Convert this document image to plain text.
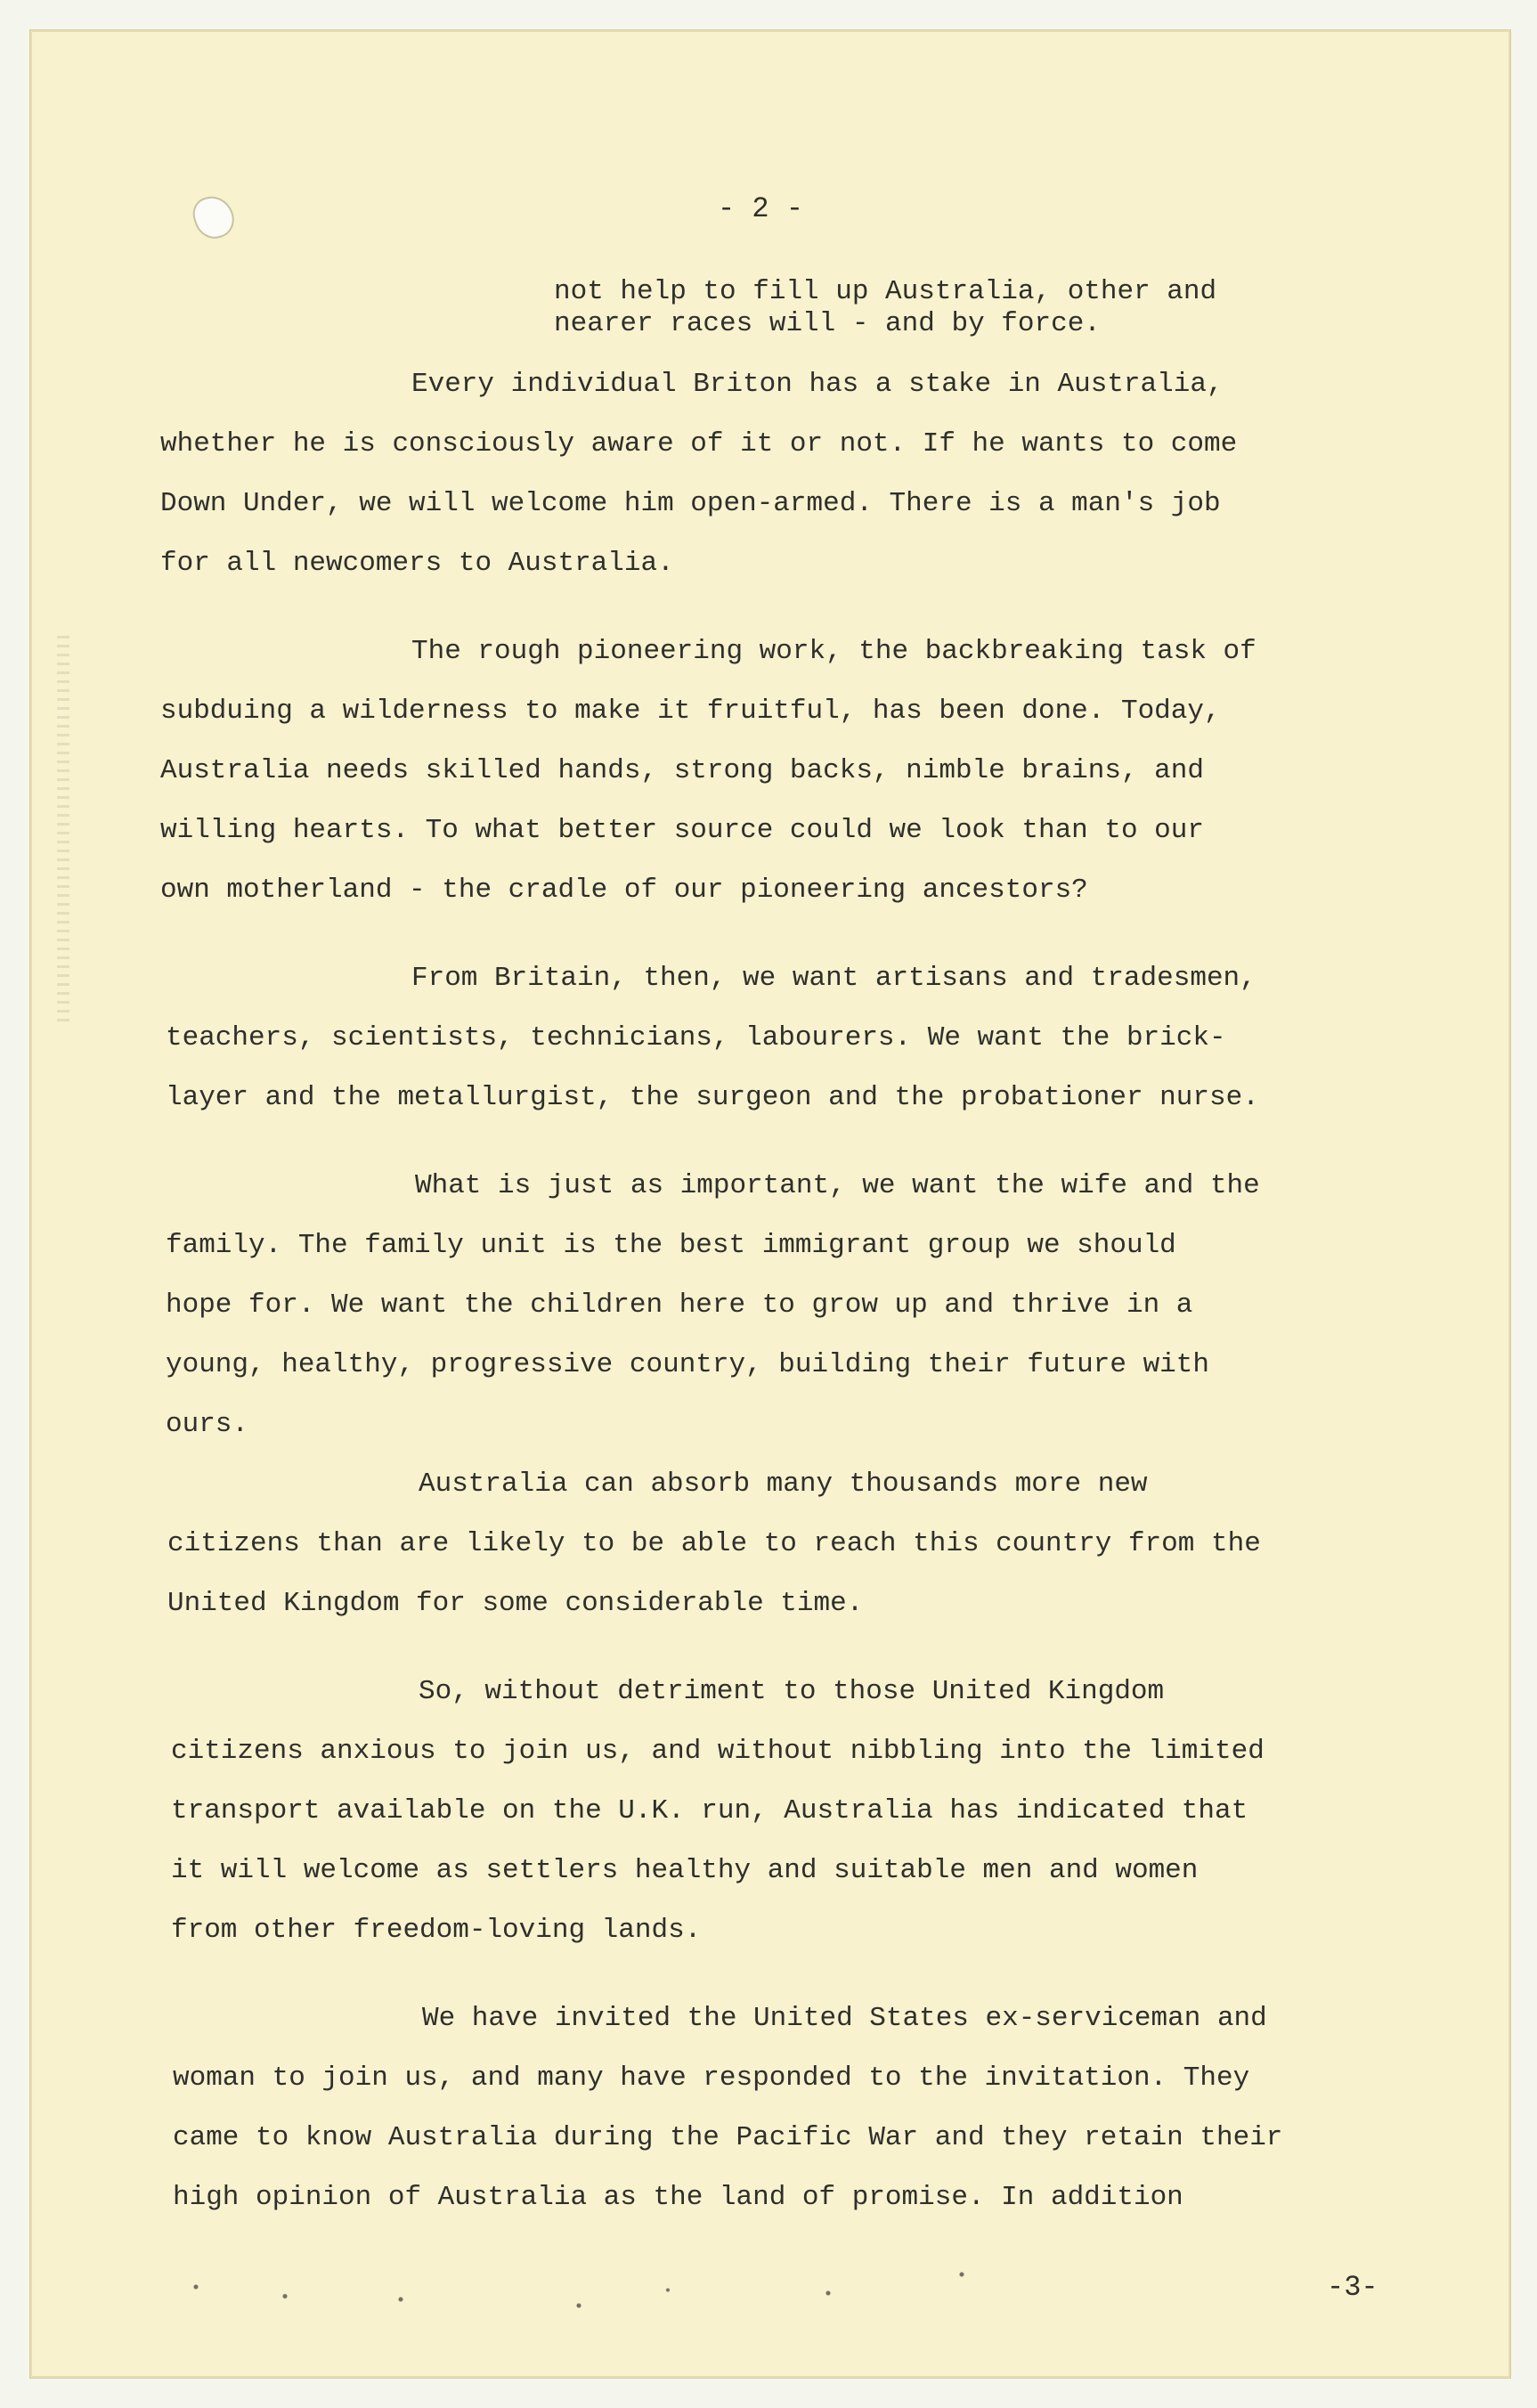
- 2 -
not help to fill up Australia, other and
nearer races will - and by force.
Every individual Briton has a stake in Australia,
whether he is consciously aware of it or not. If he wants to come
Down Under, we will welcome him open-armed. There is a man's job
for all newcomers to Australia.
The rough pioneering work, the backbreaking task of
subduing a wilderness to make it fruitful, has been done. Today,
Australia needs skilled hands, strong backs, nimble brains, and
willing hearts. To what better source could we look than to our
own motherland - the cradle of our pioneering ancestors?
From Britain, then, we want artisans and tradesmen,
teachers, scientists, technicians, labourers. We want the brick-
layer and the metallurgist, the surgeon and the probationer nurse.
What is just as important, we want the wife and the
family. The family unit is the best immigrant group we should
hope for. We want the children here to grow up and thrive in a
young, healthy, progressive country, building their future with
ours.
Australia can absorb many thousands more new
citizens than are likely to be able to reach this country from the
United Kingdom for some considerable time.
So, without detriment to those United Kingdom
citizens anxious to join us, and without nibbling into the limited
transport available on the U.K. run, Australia has indicated that
it will welcome as settlers healthy and suitable men and women
from other freedom-loving lands.
We have invited the United States ex-serviceman and
woman to join us, and many have responded to the invitation. They
came to know Australia during the Pacific War and they retain their
high opinion of Australia as the land of promise. In addition
-3-
